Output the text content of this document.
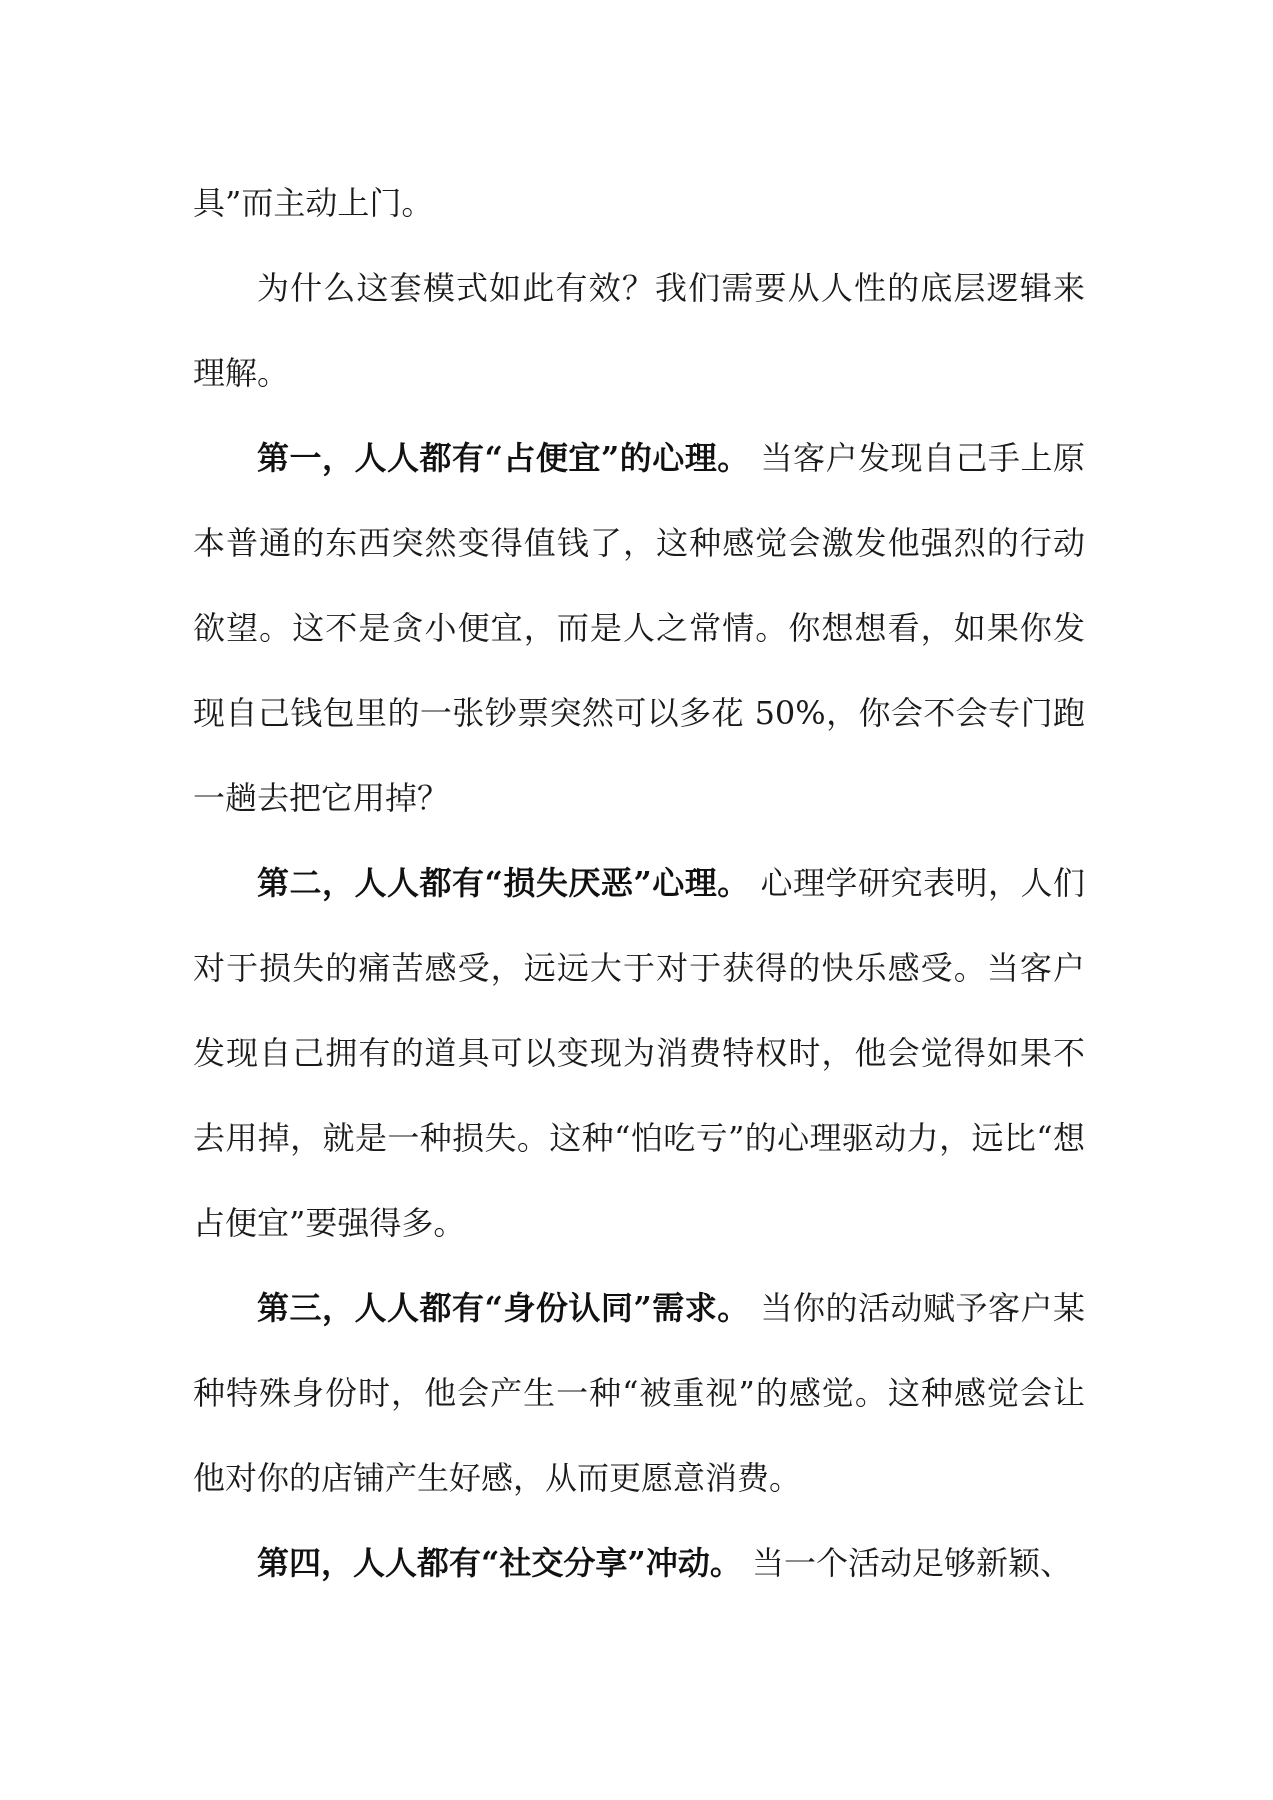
具”而主动上门。

为什么这套模式如此有效？我们需要从人性的底层逻辑来理解。

第一，人人都有“占便宜”的心理。 当客户发现自己手上原本普通的东西突然变得值钱了，这种感觉会激发他强烈的行动欲望。这不是贪小便宜，而是人之常情。你想想看，如果你发现自己钱包里的一张钞票突然可以多花 50%，你会不会专门跑一趟去把它用掉？

第二，人人都有“损失厌恶”心理。 心理学研究表明，人们对于损失的痛苦感受，远远大于对于获得的快乐感受。当客户发现自己拥有的道具可以变现为消费特权时，他会觉得如果不去用掉，就是一种损失。这种“怕吃亏”的心理驱动力，远比“想占便宜”要强得多。

第三，人人都有“身份认同”需求。 当你的活动赋予客户某种特殊身份时，他会产生一种“被重视”的感觉。这种感觉会让他对你的店铺产生好感，从而更愿意消费。

第四，人人都有“社交分享”冲动。 当一个活动足够新颖、
